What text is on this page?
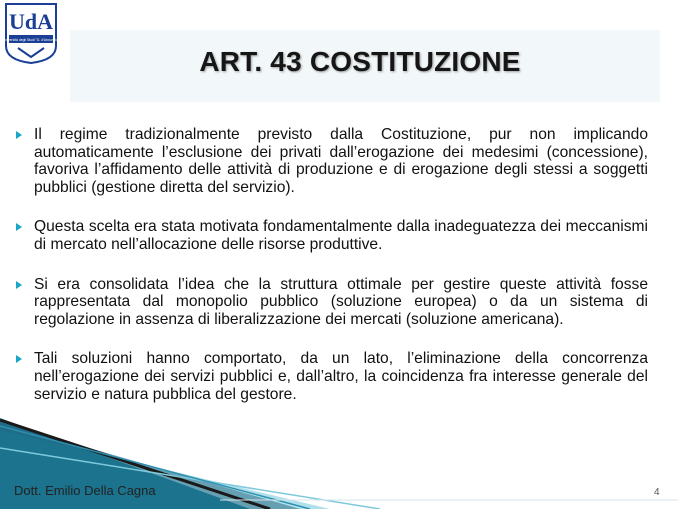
UdA
Università degli Studi "G. d'Annunzio"
ART. 43 COSTITUZIONE

Il regime tradizionalmente previsto dalla Costituzione, pur non implicando automaticamente l’esclusione dei privati dall’erogazione dei medesimi (concessione), favoriva l’affidamento delle attività di produzione e di erogazione degli stessi a soggetti pubblici (gestione diretta del servizio).

Questa scelta era stata motivata fondamentalmente dalla inadeguatezza dei meccanismi di mercato nell’allocazione delle risorse produttive.

Si era consolidata l’idea che la struttura ottimale per gestire queste attività fosse rappresentata dal monopolio pubblico (soluzione europea) o da un sistema di regolazione in assenza di liberalizzazione dei mercati (soluzione americana).

Tali soluzioni hanno comportato, da un lato, l’eliminazione della concorrenza nell’erogazione dei servizi pubblici e, dall’altro, la coincidenza fra interesse generale del servizio e natura pubblica del gestore.

Dott. Emilio Della Cagna	4
